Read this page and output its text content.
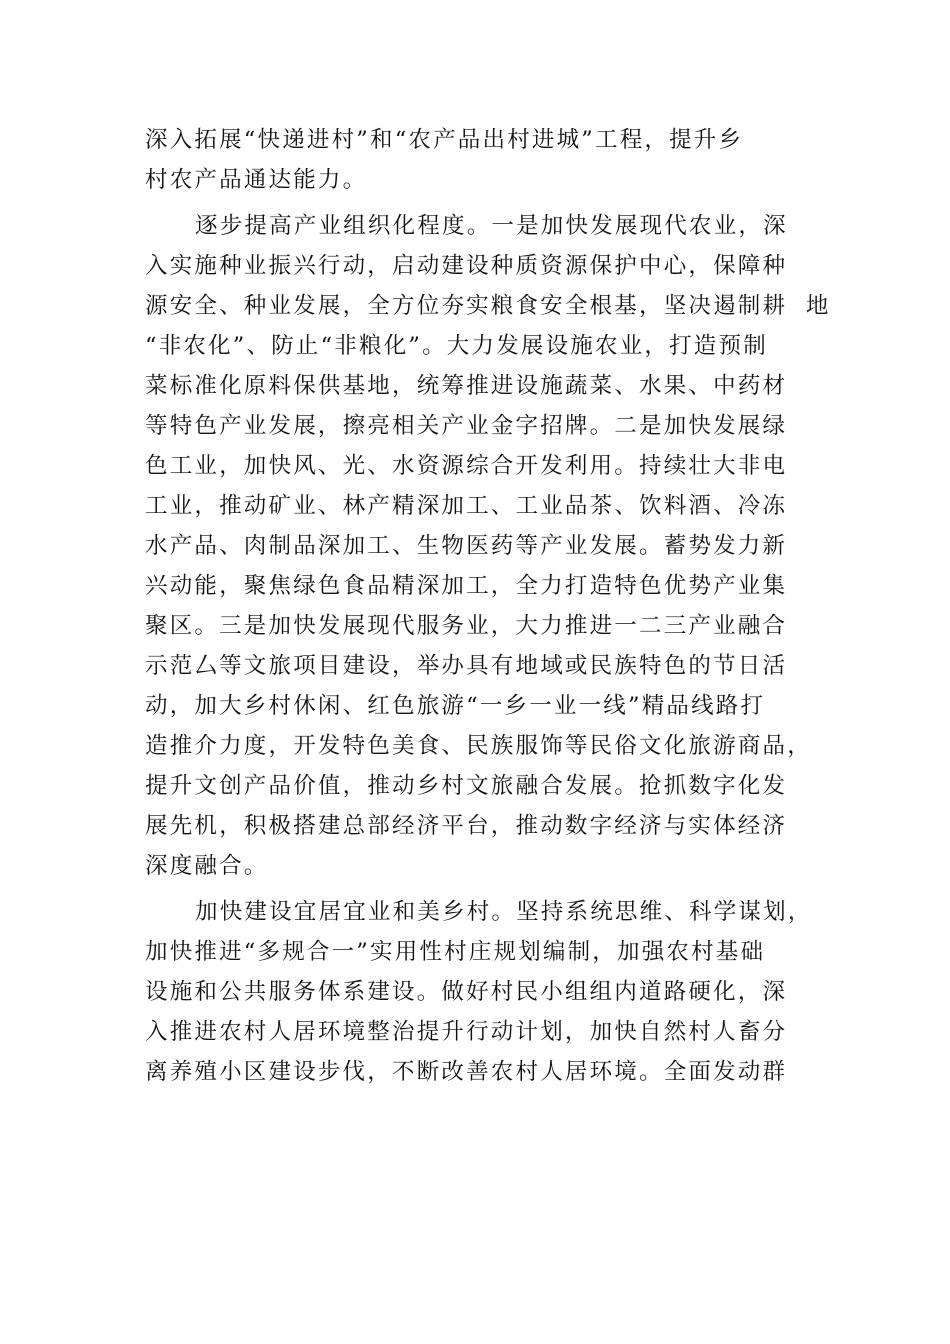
深入拓展“快递进村”和“农产品出村进城”工程，提升乡
村农产品通达能力。
逐步提高产业组织化程度。一是加快发展现代农业，深
入实施种业振兴行动，启动建设种质资源保护中心，保障种
源安全、种业发展，全方位夯实粮食安全根基，坚决遏制耕  地
“非农化”、防止“非粮化”。大力发展设施农业，打造预制
菜标准化原料保供基地，统筹推进设施蔬菜、水果、中药材
等特色产业发展，擦亮相关产业金字招牌。二是加快发展绿
色工业，加快风、光、水资源综合开发利用。持续壮大非电
工业，推动矿业、林产精深加工、工业品茶、饮料酒、冷冻
水产品、肉制品深加工、生物医药等产业发展。蓄势发力新
兴动能，聚焦绿色食品精深加工，全力打造特色优势产业集
聚区。三是加快发展现代服务业，大力推进一二三产业融合
示范厶等文旅项目建设，举办具有地域或民族特色的节日活
动，加大乡村休闲、红色旅游“一乡一业一线”精品线路打
造推介力度，开发特色美食、民族服饰等民俗文化旅游商品，
提升文创产品价值，推动乡村文旅融合发展。抢抓数字化发
展先机，积极搭建总部经济平台，推动数字经济与实体经济
深度融合。
加快建设宜居宜业和美乡村。坚持系统思维、科学谋划，
加快推进“多规合一”实用性村庄规划编制，加强农村基础
设施和公共服务体系建设。做好村民小组组内道路硬化，深
入推进农村人居环境整治提升行动计划，加快自然村人畜分
离养殖小区建设步伐，不断改善农村人居环境。全面发动群
